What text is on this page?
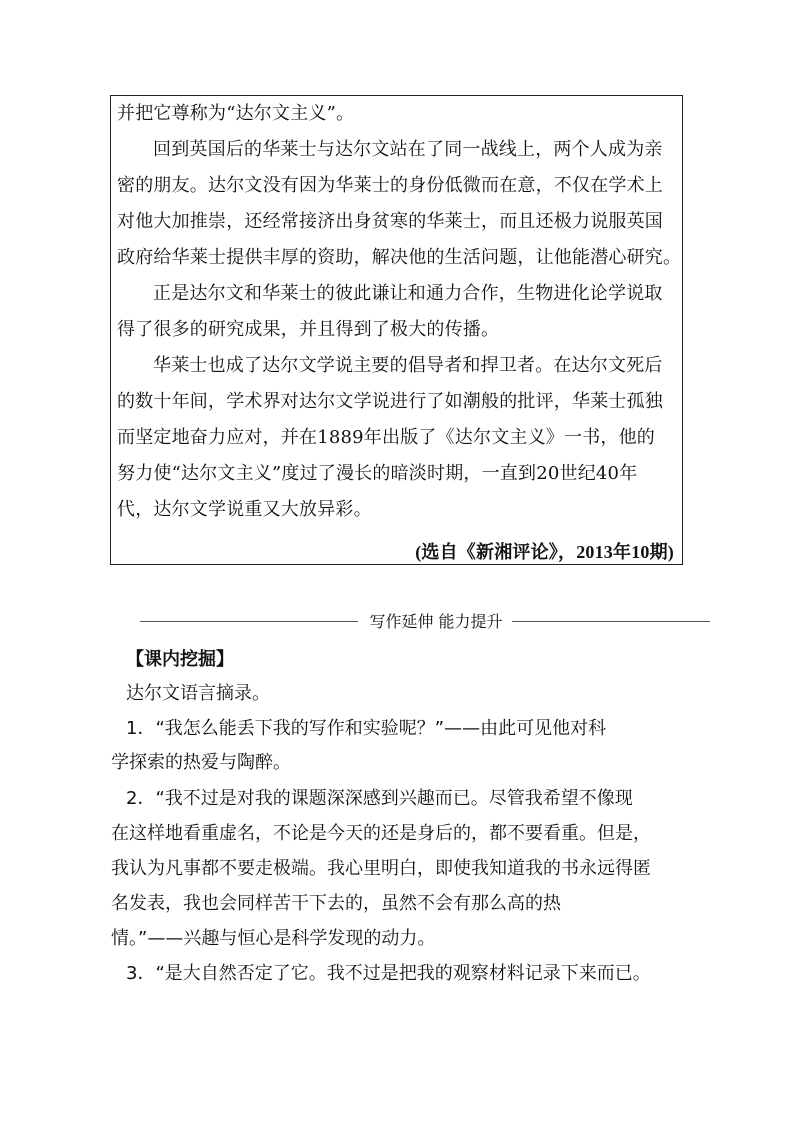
并把它尊称为“达尔文主义”。

回到英国后的华莱士与达尔文站在了同一战线上，两个人成为亲

密的朋友。达尔文没有因为华莱士的身份低微而在意，不仅在学术上

对他大加推崇，还经常接济出身贫寒的华莱士，而且还极力说服英国

政府给华莱士提供丰厚的资助，解决他的生活问题，让他能潜心研究。

正是达尔文和华莱士的彼此谦让和通力合作，生物进化论学说取

得了很多的研究成果，并且得到了极大的传播。

华莱士也成了达尔文学说主要的倡导者和捍卫者。在达尔文死后

的数十年间，学术界对达尔文学说进行了如潮般的批评，华莱士孤独

而坚定地奋力应对，并在1889年出版了《达尔文主义》一书，他的

努力使“达尔文主义”度过了漫长的暗淡时期，一直到20世纪40年

代，达尔文学说重又大放异彩。

(选自《新湘评论》，2013年10期)

写作延伸 能力提升

【课内挖掘】

达尔文语言摘录。

1．“我怎么能丢下我的写作和实验呢？”——由此可见他对科

学探索的热爱与陶醉。

2．“我不过是对我的课题深深感到兴趣而已。尽管我希望不像现

在这样地看重虚名，不论是今天的还是身后的，都不要看重。但是，

我认为凡事都不要走极端。我心里明白，即使我知道我的书永远得匿

名发表，我也会同样苦干下去的，虽然不会有那么高的热

情。”——兴趣与恒心是科学发现的动力。

3．“是大自然否定了它。我不过是把我的观察材料记录下来而已。
